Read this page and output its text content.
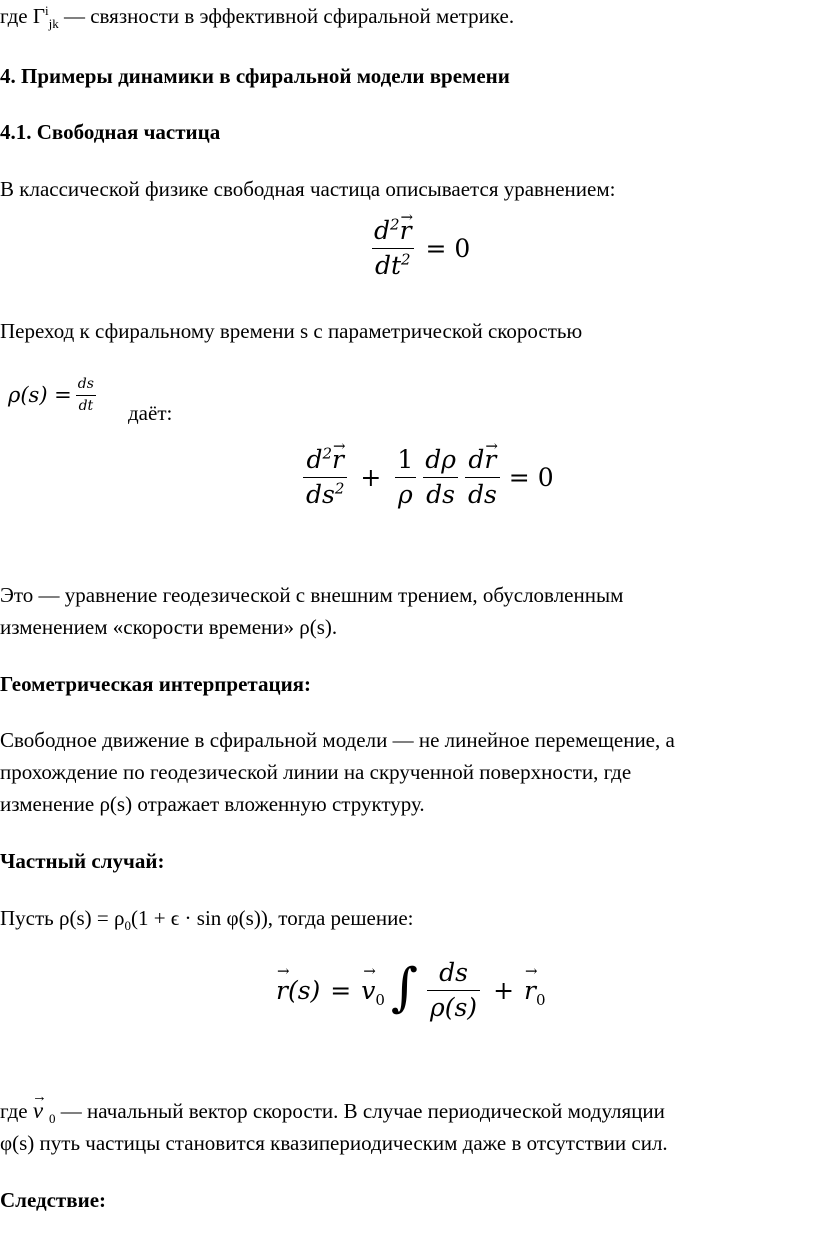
где $\Gamma^i_{jk}$ — связности в эффективной сфиральной метрике.
4. Примеры динамики в сфиральной модели времени
4.1. Свободная частица
В классической физике свободная частица описывается уравнением:
$\frac{d^2\to r}{dt^2} = 0$
Переход к сфиральному времени s с параметрической скоростью
$\rho(s) = \frac{ds}{dt}$ даёт:
$\frac{d^2\to r}{ds^2} + \frac{1}{\rho} \frac{d\rho}{ds} \frac{d\to r}{ds} = 0$
Это — уравнение геодезической с внешним трением, обусловленным
изменением «скорости времени» ρ(s).
Геометрическая интерпретация:
Свободное движение в сфиральной модели — не линейное перемещение, а
прохождение по геодезической линии на скрученной поверхности, где
изменение ρ(s) отражает вложенную структуру.
Частный случай:
Пусть $\rho(s) = \rho_0(1 + \epsilon \cdot \sin \varphi(s))$, тогда решение:
→ r(s) = → $v_0$ ∫ $\frac{ds}{\rho(s)}$ + → $r_0$
где → v $_0$ — начальный вектор скорости. В случае периодической модуляции
φ(s) путь частицы становится квазипериодическим даже в отсутствии сил.
Следствие:
